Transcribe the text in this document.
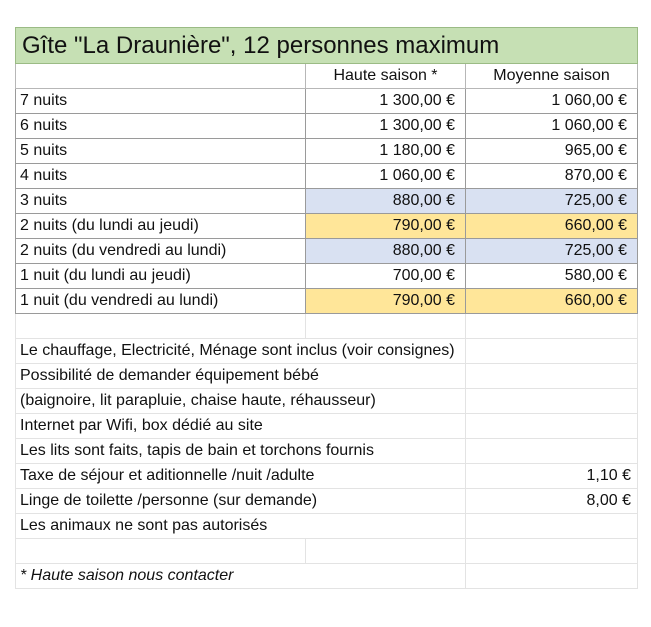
Gîte "La Draunière", 12 personnes maximum		
	Haute saison *	Moyenne saison
7 nuits	1 300,00 €	1 060,00 €
6 nuits	1 300,00 €	1 060,00 €
5 nuits	1 180,00 €	965,00 €
4 nuits	1 060,00 €	870,00 €
3 nuits	880,00 €	725,00 €
2 nuits (du lundi au jeudi)	790,00 €	660,00 €
2 nuits (du vendredi au lundi)	880,00 €	725,00 €
1 nuit (du lundi au jeudi)	700,00 €	580,00 €
1 nuit (du vendredi au lundi)	790,00 €	660,00 €

Le chauffage, Electricité, Ménage sont inclus (voir consignes)		
Possibilité de demander équipement bébé		
(baignoire, lit parapluie, chaise haute, réhausseur)		
Internet par Wifi, box dédié au site		
Les lits sont faits, tapis de bain et torchons fournis		
Taxe de séjour et aditionnelle /nuit /adulte		1,10 €
Linge de toilette /personne (sur demande)		8,00 €
Les animaux ne sont pas autorisés		

* Haute saison nous contacter		
